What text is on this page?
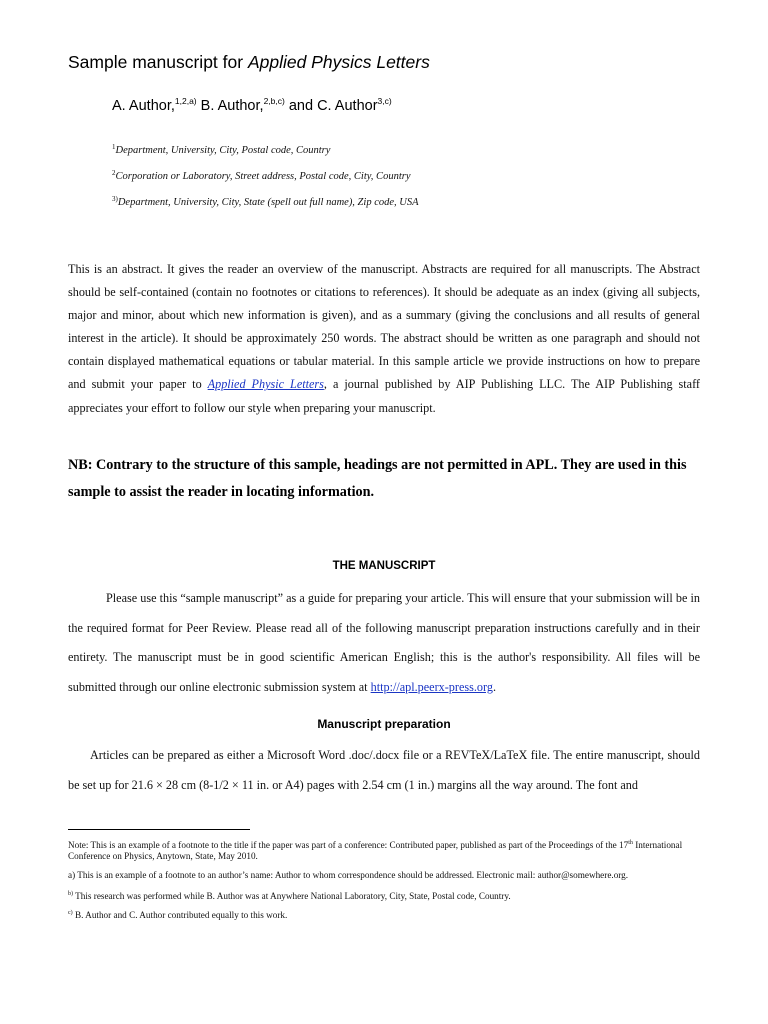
Sample manuscript for Applied Physics Letters
A. Author,$^{1,2,a)}$ B. Author,$^{2,b,c)}$ and C. Author$^{3,c)}$
$^1$Department, University, City, Postal code, Country
$^2$Corporation or Laboratory, Street address, Postal code, City, Country
$^{3)}$Department, University, City, State (spell out full name), Zip code, USA
This is an abstract. It gives the reader an overview of the manuscript. Abstracts are required for all manuscripts. The Abstract should be self-contained (contain no footnotes or citations to references). It should be adequate as an index (giving all subjects, major and minor, about which new information is given), and as a summary (giving the conclusions and all results of general interest in the article). It should be approximately 250 words. The abstract should be written as one paragraph and should not contain displayed mathematical equations or tabular material. In this sample article we provide instructions on how to prepare and submit your paper to Applied Physic Letters, a journal published by AIP Publishing LLC. The AIP Publishing staff appreciates your effort to follow our style when preparing your manuscript.
NB: Contrary to the structure of this sample, headings are not permitted in APL. They are used in this sample to assist the reader in locating information.
THE MANUSCRIPT

Please use this “sample manuscript” as a guide for preparing your article. This will ensure that your submission will be in the required format for Peer Review. Please read all of the following manuscript preparation instructions carefully and in their entirety. The manuscript must be in good scientific American English; this is the author's responsibility. All files will be submitted through our online electronic submission system at http://apl.peerx-press.org.

Manuscript preparation

Articles can be prepared as either a Microsoft Word .doc/.docx file or a REVTeX/LaTeX file. The entire manuscript, should be set up for 21.6 × 28 cm (8-1/2 × 11 in. or A4) pages with 2.54 cm (1 in.) margins all the way around. The font and

Note: This is an example of a footnote to the title if the paper was part of a conference: Contributed paper, published as part of the Proceedings of the 17th International Conference on Physics, Anytown, State, May 2010.
a) This is an example of a footnote to an author’s name: Author to whom correspondence should be addressed. Electronic mail: author@somewhere.org.
$^{b)}$ This research was performed while B. Author was at Anywhere National Laboratory, City, State, Postal code, Country.
$^{c)}$ B. Author and C. Author contributed equally to this work.
